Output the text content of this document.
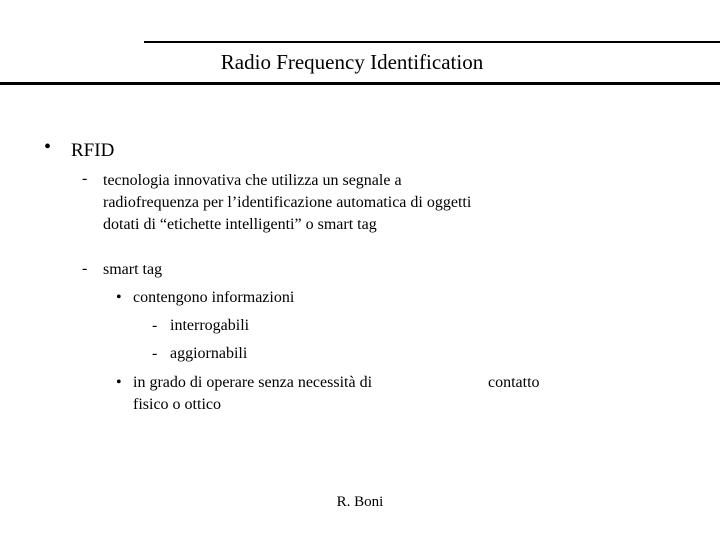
Radio Frequency Identification
• RFID
- tecnologia innovativa che utilizza un segnale a
radiofrequenza per l’identificazione automatica di oggetti
dotati di “etichette intelligenti” o smart tag
- smart tag
• contengono informazioni
- interrogabili
- aggiornabili
• in grado di operare senza necessità di	contatto
fisico o ottico
R. Boni
